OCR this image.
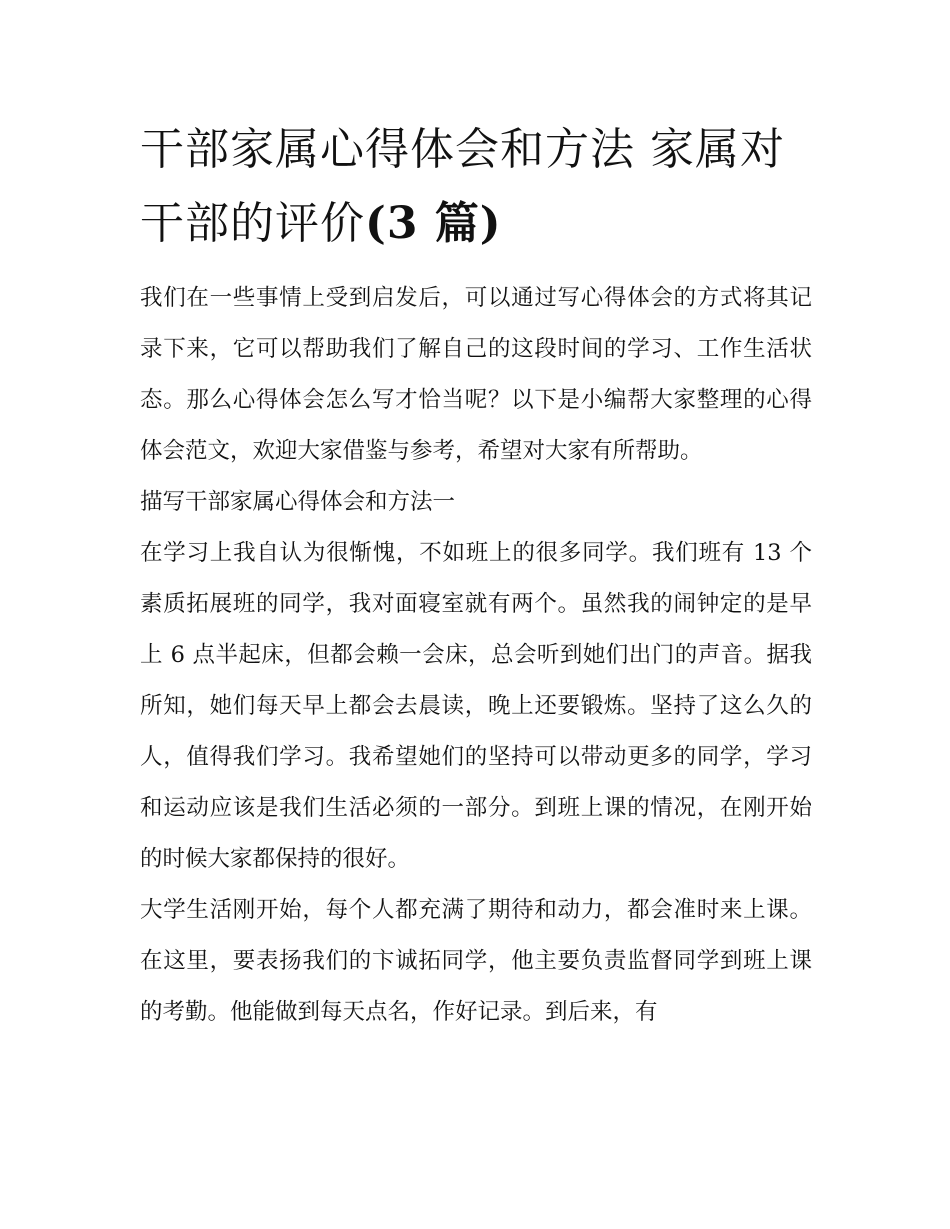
干部家属心得体会和方法 家属对干部的评价(3 篇)

我们在一些事情上受到启发后，可以通过写心得体会的方式将其记录下来，它可以帮助我们了解自己的这段时间的学习、工作生活状态。那么心得体会怎么写才恰当呢？以下是小编帮大家整理的心得体会范文，欢迎大家借鉴与参考，希望对大家有所帮助。

描写干部家属心得体会和方法一

在学习上我自认为很惭愧，不如班上的很多同学。我们班有 13 个素质拓展班的同学，我对面寝室就有两个。虽然我的闹钟定的是早上 6 点半起床，但都会赖一会床，总会听到她们出门的声音。据我所知，她们每天早上都会去晨读，晚上还要锻炼。坚持了这么久的人，值得我们学习。我希望她们的坚持可以带动更多的同学，学习和运动应该是我们生活必须的一部分。到班上课的情况，在刚开始的时候大家都保持的很好。

大学生活刚开始，每个人都充满了期待和动力，都会准时来上课。在这里，要表扬我们的卞诚拓同学，他主要负责监督同学到班上课的考勤。他能做到每天点名，作好记录。到后来，有
